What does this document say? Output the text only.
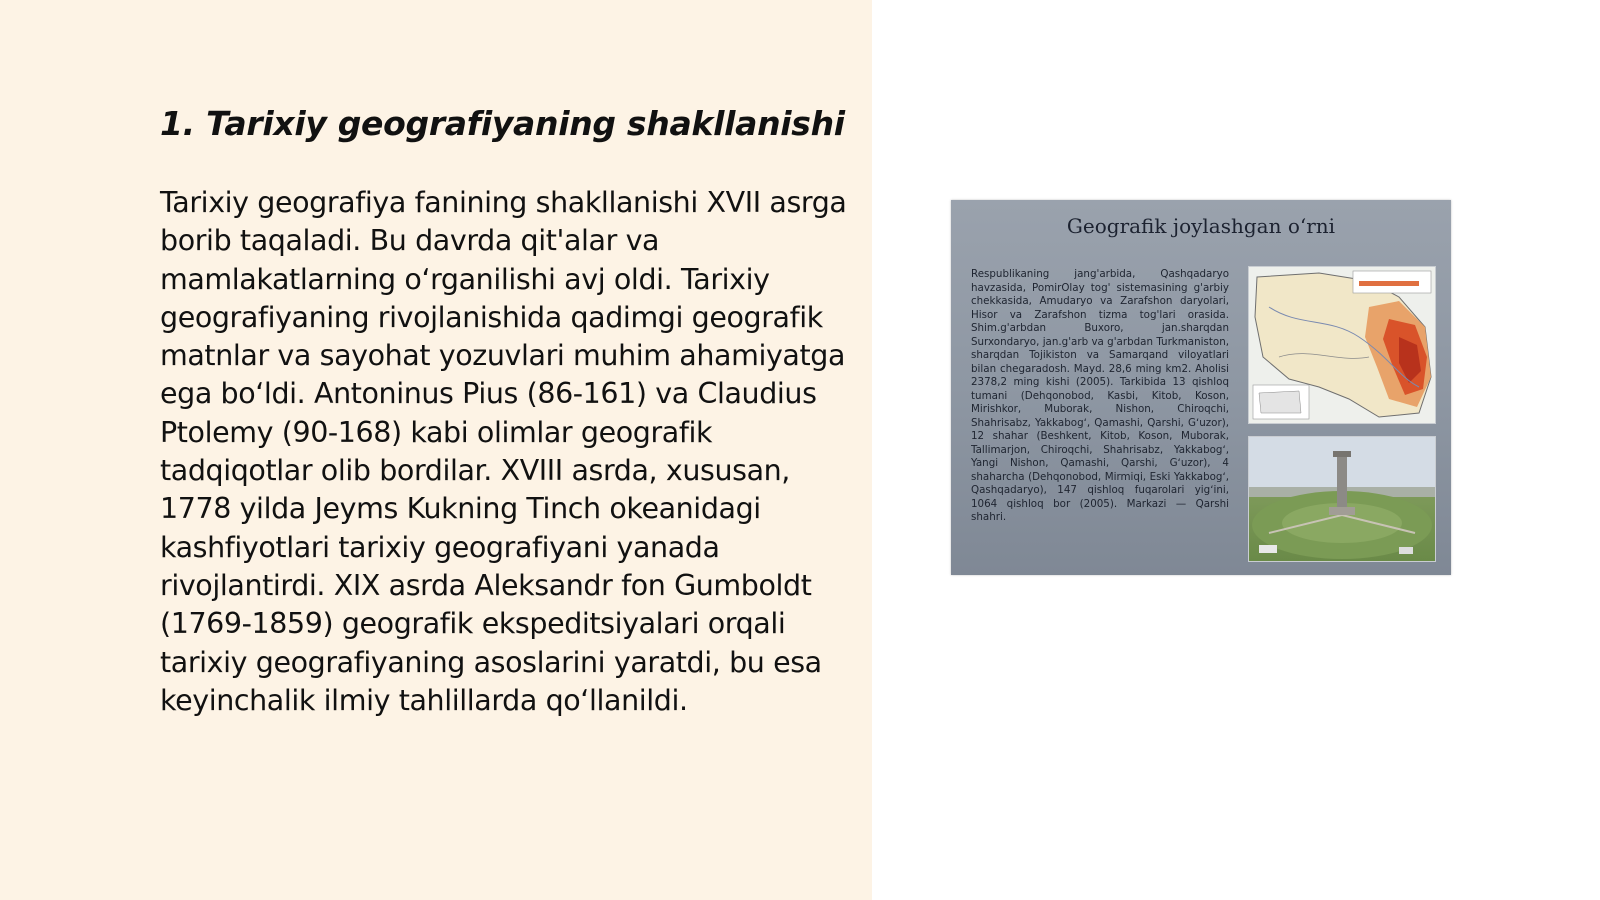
1. Tarixiy geografiyaning shakllanishi

Tarixiy geografiya fanining shakllanishi XVII asrga borib taqaladi. Bu davrda qit'alar va mamlakatlarning oʻrganilishi avj oldi. Tarixiy geografiyaning rivojlanishida qadimgi geografik matnlar va sayohat yozuvlari muhim ahamiyatga ega boʻldi. Antoninus Pius (86-161) va Claudius Ptolemy (90-168) kabi olimlar geografik tadqiqotlar olib bordilar. XVIII asrda, xususan, 1778 yilda Jeyms Kukning Tinch okeanidagi kashfiyotlari tarixiy geografiyani yanada rivojlantirdi. XIX asrda Aleksandr fon Gumboldt (1769-1859) geografik ekspeditsiyalari orqali tarixiy geografiyaning asoslarini yaratdi, bu esa keyinchalik ilmiy tahlillarda qoʻllanildi.

Geografik joylashgan oʻrni
Respublikaning jang'arbida, Qashqadaryo havzasida, PomirOlay tog' sistemasining g'arbiy chekkasida, Amudaryo va Zarafshon daryolari, Hisor va Zarafshon tizma tog'lari orasida. Shim.g'arbdan Buxoro, jan.sharqdan Surxondaryo, jan.g'arb va g'arbdan Turkmaniston, sharqdan Tojikiston va Samarqand viloyatlari bilan chegaradosh. Mayd. 28,6 ming km2. Aholisi 2378,2 ming kishi (2005). Tarkibida 13 qishloq tumani (Dehqonobod, Kasbi, Kitob, Koson, Mirishkor, Muborak, Nishon, Chiroqchi, Shahrisabz, Yakkabogʻ, Qamashi, Qarshi, Gʻuzor), 12 shahar (Beshkent, Kitob, Koson, Muborak, Tallimarjon, Chiroqchi, Shahrisabz, Yakkabogʻ, Yangi Nishon, Qamashi, Qarshi, Gʻuzor), 4 shaharcha (Dehqonobod, Mirmiqi, Eski Yakkabogʻ, Qashqadaryo), 147 qishloq fuqarolari yigʻini, 1064 qishloq bor (2005). Markazi — Qarshi shahri.
